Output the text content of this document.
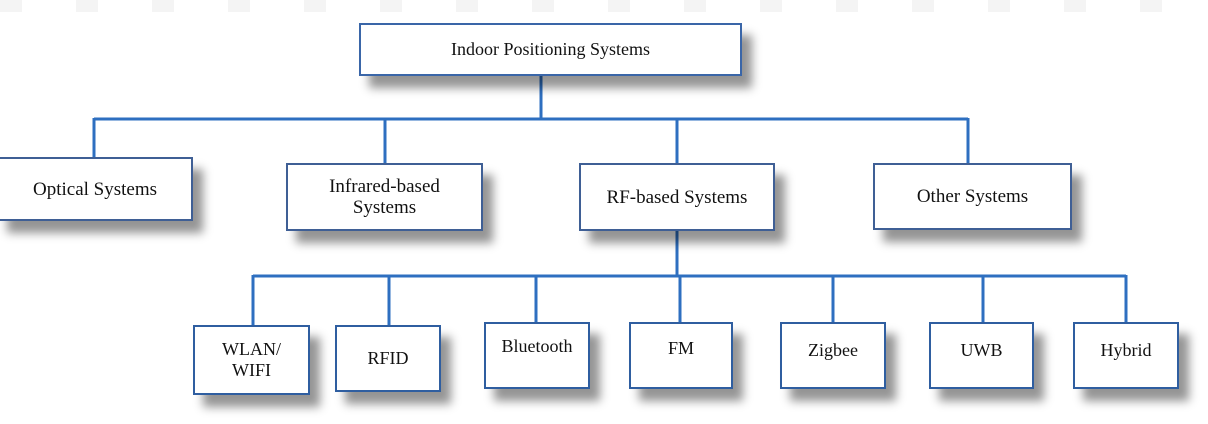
Indoor Positioning Systems
Optical Systems	Infrared-based
Systems	RF-based Systems	Other Systems
WLAN/
WIFI
RFID
Bluetooth	FM	Zigbee	UWB	Hybrid
